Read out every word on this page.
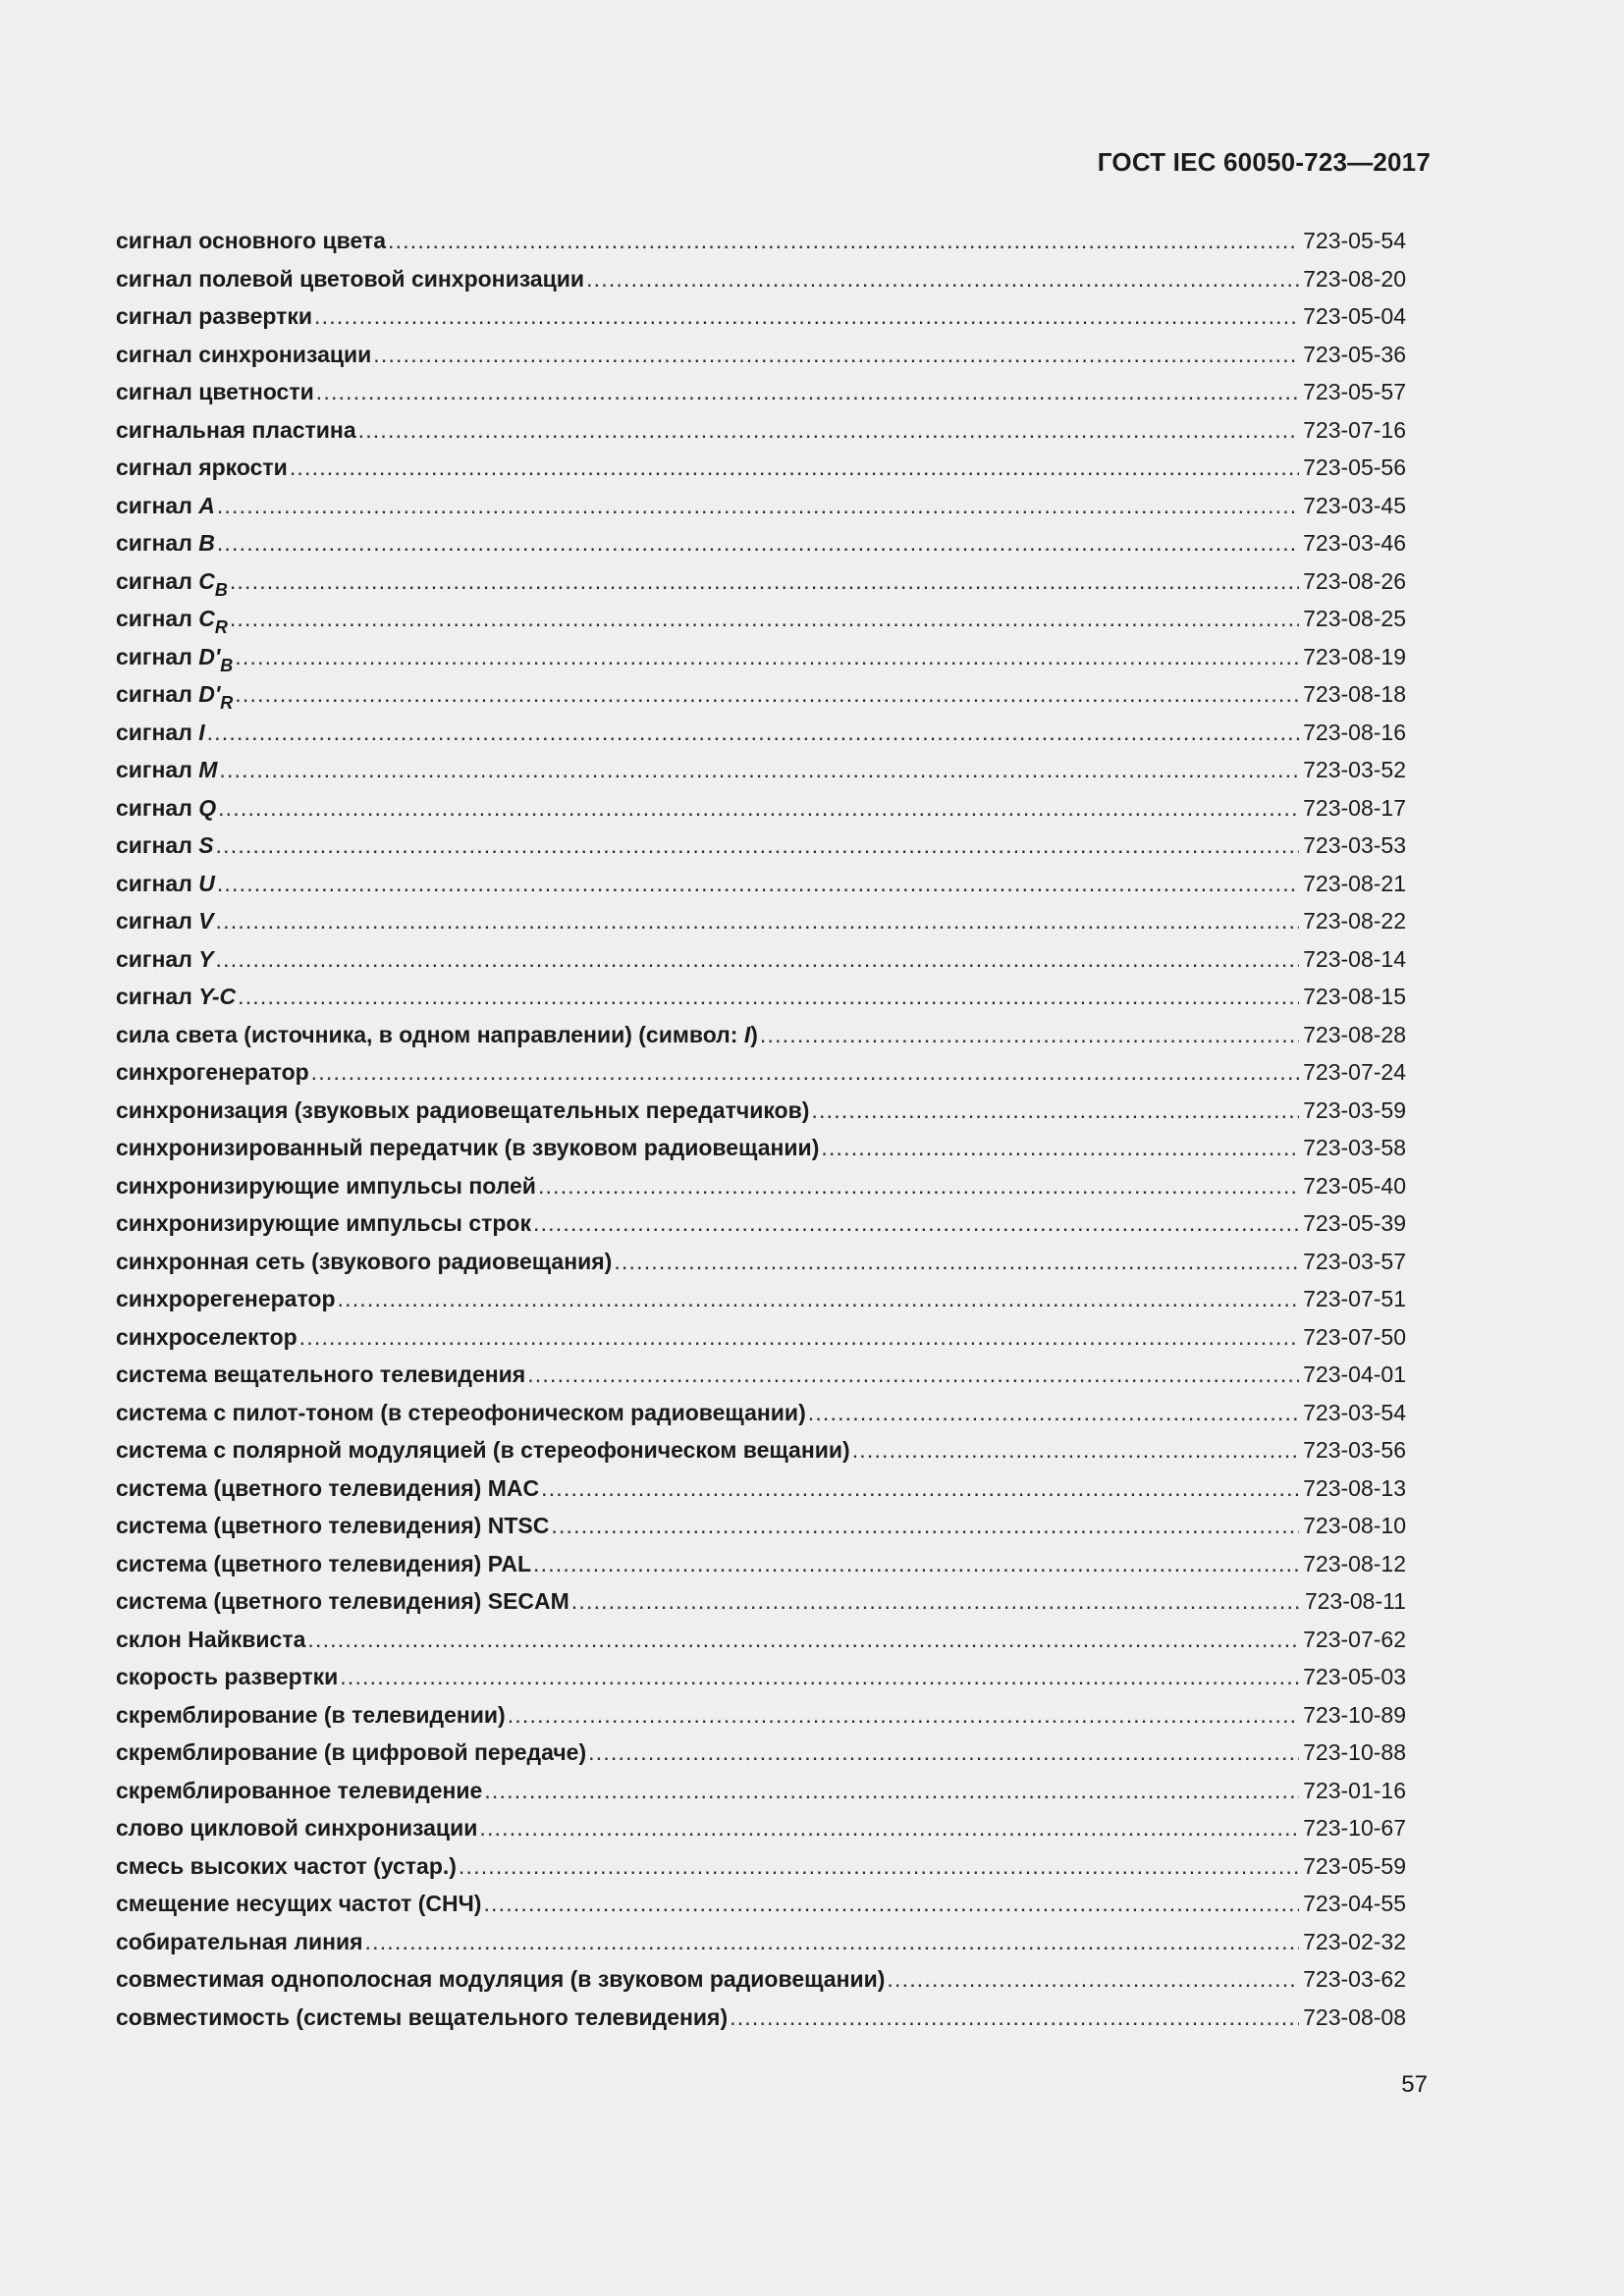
ГОСТ IEC 60050-723—2017
сигнал основного цвета .....	723-05-54
сигнал полевой цветовой синхронизации .....	723-08-20
сигнал развертки .....	723-05-04
сигнал синхронизации .....	723-05-36
сигнал цветности .....	723-05-57
сигнальная пластина .....	723-07-16
сигнал яркости .....	723-05-56
сигнал A .....	723-03-45
сигнал B .....	723-03-46
сигнал $C_B$ .....	723-08-26
сигнал $C_R$ .....	723-08-25
сигнал $D'_B$ .....	723-08-19
сигнал $D'_R$ .....	723-08-18
сигнал I .....	723-08-16
сигнал M .....	723-03-52
сигнал Q .....	723-08-17
сигнал S .....	723-03-53
сигнал U .....	723-08-21
сигнал V .....	723-08-22
сигнал Y .....	723-08-14
сигнал Y-C .....	723-08-15
сила света (источника, в одном направлении) (символ: I) .....	723-08-28
синхрогенератор .....	723-07-24
синхронизация (звуковых радиовещательных передатчиков) .....	723-03-59
синхронизированный передатчик (в звуковом радиовещании) .....	723-03-58
синхронизирующие импульсы полей .....	723-05-40
синхронизирующие импульсы строк .....	723-05-39
синхронная сеть (звукового радиовещания) .....	723-03-57
синхрорегенератор .....	723-07-51
синхроселектор .....	723-07-50
система вещательного телевидения .....	723-04-01
система с пилот-тоном (в стереофоническом радиовещании) .....	723-03-54
система с полярной модуляцией (в стереофоническом вещании) .....	723-03-56
система (цветного телевидения) MAC .....	723-08-13
система (цветного телевидения) NTSC .....	723-08-10
система (цветного телевидения) PAL .....	723-08-12
система (цветного телевидения) SECAM .....	723-08-11
склон Найквиста .....	723-07-62
скорость развертки .....	723-05-03
скремблирование (в телевидении) .....	723-10-89
скремблирование (в цифровой передаче) .....	723-10-88
скремблированное телевидение .....	723-01-16
слово цикловой синхронизации .....	723-10-67
смесь высоких частот (устар.) .....	723-05-59
смещение несущих частот (СНЧ) .....	723-04-55
собирательная линия .....	723-02-32
совместимая однополосная модуляция (в звуковом радиовещании) .....	723-03-62
совместимость (системы вещательного телевидения) .....	723-08-08
57
